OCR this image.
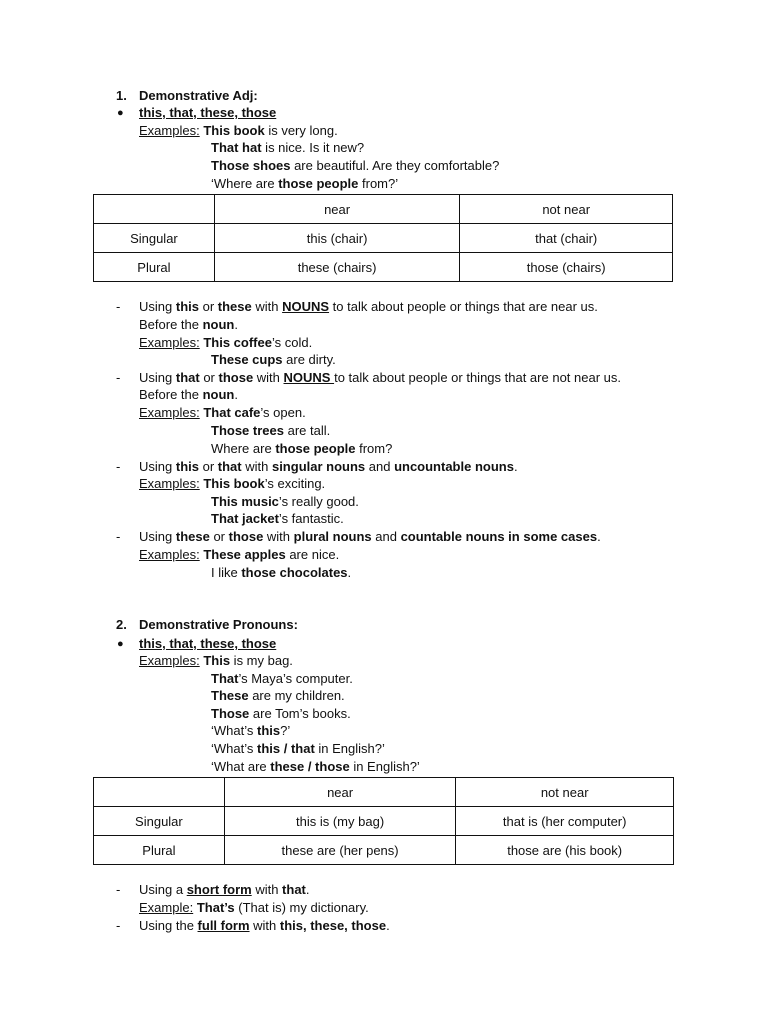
1. Demonstrative Adj:
● this, that, these, those
Examples: This book is very long.
That hat is nice. Is it new?
Those shoes are beautiful. Are they comfortable?
‘Where are those people from?’
	near	not near
Singular	this (chair)	that (chair)
Plural	these (chairs)	those (chairs)
- Using this or these with NOUNS to talk about people or things that are near us.
Before the noun.
Examples: This coffee’s cold.
These cups are dirty.
- Using that or those with NOUNS to talk about people or things that are not near us.
Before the noun.
Examples: That cafe’s open.
Those trees are tall.
Where are those people from?
- Using this or that with singular nouns and uncountable nouns.
Examples: This book’s exciting.
This music’s really good.
That jacket’s fantastic.
- Using these or those with plural nouns and countable nouns in some cases.
Examples: These apples are nice.
I like those chocolates.
2. Demonstrative Pronouns:
● this, that, these, those
Examples: This is my bag.
That’s Maya’s computer.
These are my children.
Those are Tom’s books.
‘What’s this?’
‘What’s this / that in English?’
‘What are these / those in English?’
	near	not near
Singular	this is (my bag)	that is (her computer)
Plural	these are (her pens)	those are (his book)
- Using a short form with that.
Example: That’s (That is) my dictionary.
- Using the full form with this, these, those.
